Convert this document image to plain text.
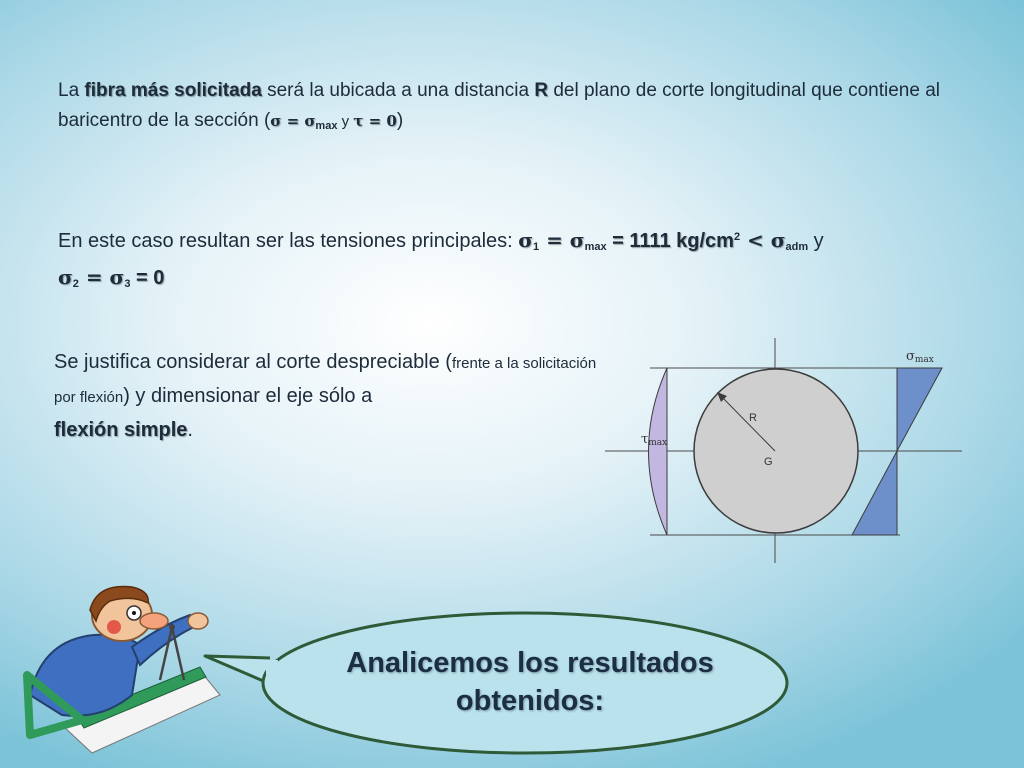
La fibra más solicitada será la ubicada a una distancia R del plano de corte longitudinal que contiene al baricentro de la sección ($\sigma = \sigma_{max}$ y τ = 0)

En este caso resultan ser las tensiones principales: $\sigma_1 = \sigma_{max} = 1111$ $kg/cm^2 < \sigma_{adm}$ y
$\sigma_2 = \sigma_3 = 0$

Se justifica considerar al corte despreciable (frente a la solicitación por flexión) y dimensionar el eje sólo a
flexión simple.

σmax
τmax
R
G
Analicemos los resultados
obtenidos:
